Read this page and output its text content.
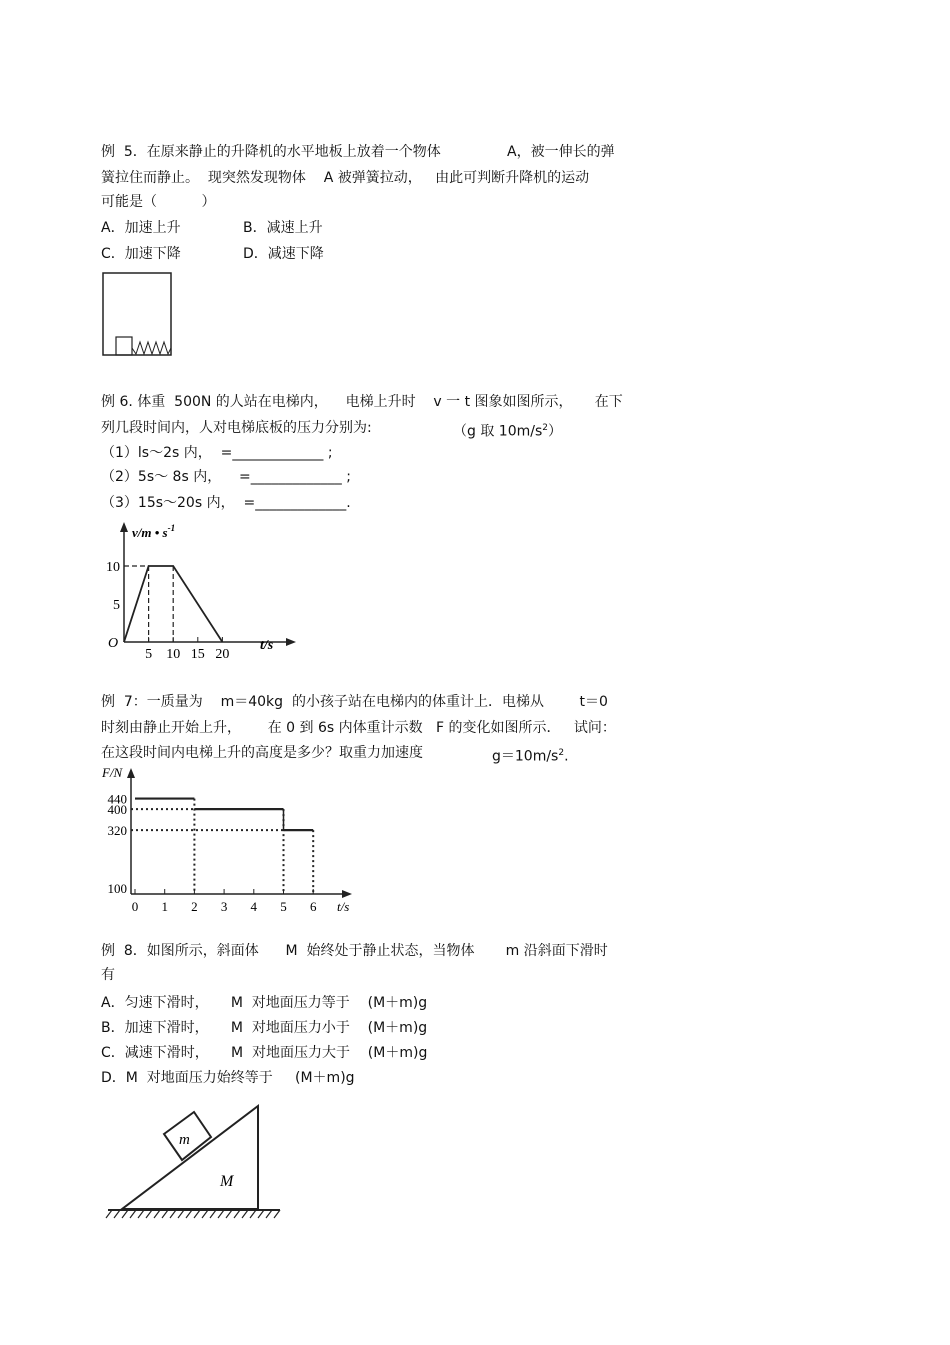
例  5．在原来静止的升降机的水平地板上放着一个物体	A，被一伸长的弹
簧拉住而静止。  现突然发现物体    A 被弹簧拉动，   由此可判断升降机的运动
可能是（          ）
A．加速上升	B．减速上升
C．加速下降	D．减速下降
例 6. 体重  500N 的人站在电梯内，    电梯上升时    v 一 t 图象如图所示，     在下
列几段时间内，人对电梯底板的压力分别为:	（g 取 $10m/s^2$）
（1）ls～2s 内，  =_____________ ;
（2）5s～ 8s 内，    =_____________ ;
（3）15s～20s 内，  =_____________.
v/m • $s^{-1}$
t/s
O
5 10 15 20
10
5
例  7：一质量为    m＝40kg  的小孩子站在电梯内的体重计上．电梯从        t＝0
时刻由静止开始上升，      在 0 到 6s 内体重计示数   F 的变化如图所示．   试问：
在这段时间内电梯上升的高度是多少？取重力加速度	$g=10m/s^2$.
F/N
t/s
0 1 2 3 4 5 6
440
400
320
100
例  8．如图所示，斜面体      M  始终处于静止状态，当物体       m 沿斜面下滑时
有
A．匀速下滑时，     M  对地面压力等于    (M＋m)g
B．加速下滑时，     M  对地面压力小于    (M＋m)g
C．减速下滑时，     M  对地面压力大于    (M＋m)g
D．M  对地面压力始终等于     (M＋m)g
m
M
